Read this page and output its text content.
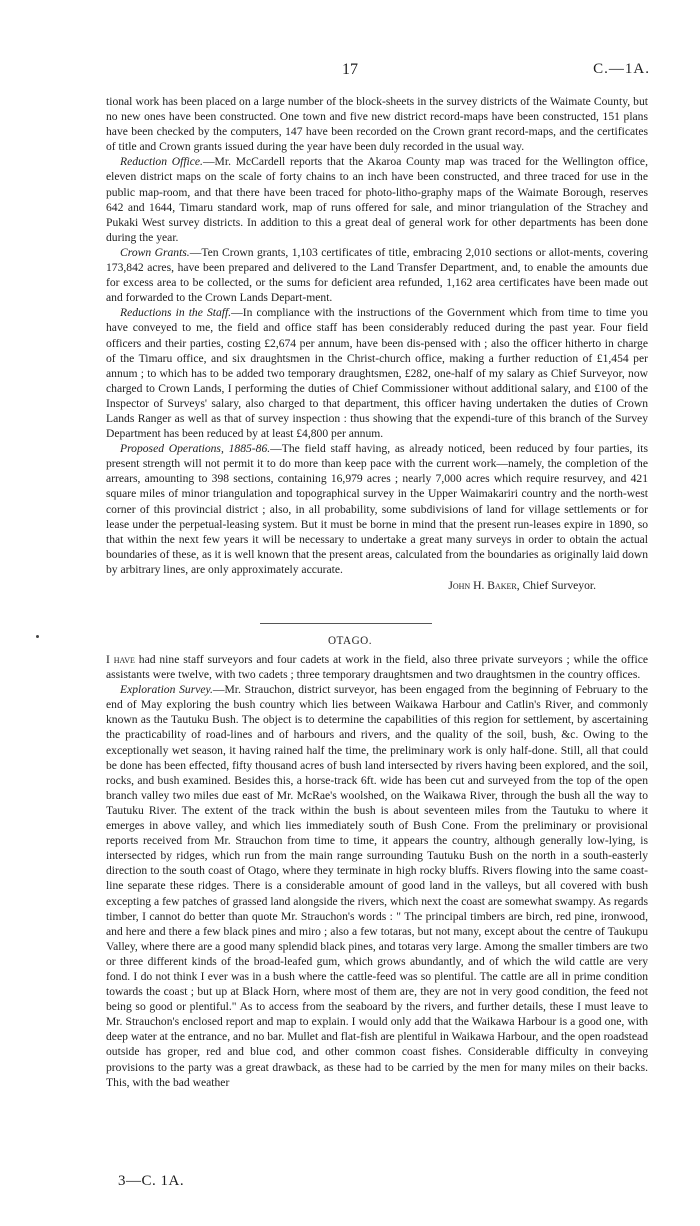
17	C.—1A.

tional work has been placed on a large number of the block-sheets in the survey districts of the Waimate County, but no new ones have been constructed. One town and five new district record-maps have been constructed, 151 plans have been checked by the computers, 147 have been recorded on the Crown grant record-maps, and the certificates of title and Crown grants issued during the year have been duly recorded in the usual way.

Reduction Office.—Mr. McCardell reports that the Akaroa County map was traced for the Wellington office, eleven district maps on the scale of forty chains to an inch have been constructed, and three traced for use in the public map-room, and that there have been traced for photo-litho-graphy maps of the Waimate Borough, reserves 642 and 1644, Timaru standard work, map of runs offered for sale, and minor triangulation of the Strachey and Pukaki West survey districts. In addition to this a great deal of general work for other departments has been done during the year.

Crown Grants.—Ten Crown grants, 1,103 certificates of title, embracing 2,010 sections or allot-ments, covering 173,842 acres, have been prepared and delivered to the Land Transfer Department, and, to enable the amounts due for excess area to be collected, or the sums for deficient area refunded, 1,162 area certificates have been made out and forwarded to the Crown Lands Depart-ment.

Reductions in the Staff.—In compliance with the instructions of the Government which from time to time you have conveyed to me, the field and office staff has been considerably reduced during the past year. Four field officers and their parties, costing £2,674 per annum, have been dis-pensed with ; also the officer hitherto in charge of the Timaru office, and six draughtsmen in the Christ-church office, making a further reduction of £1,454 per annum ; to which has to be added two temporary draughtsmen, £282, one-half of my salary as Chief Surveyor, now charged to Crown Lands, I performing the duties of Chief Commissioner without additional salary, and £100 of the Inspector of Surveys' salary, also charged to that department, this officer having undertaken the duties of Crown Lands Ranger as well as that of survey inspection : thus showing that the expendi-ture of this branch of the Survey Department has been reduced by at least £4,800 per annum.

Proposed Operations, 1885-86.—The field staff having, as already noticed, been reduced by four parties, its present strength will not permit it to do more than keep pace with the current work—namely, the completion of the arrears, amounting to 398 sections, containing 16,979 acres ; nearly 7,000 acres which require resurvey, and 421 square miles of minor triangulation and topographical survey in the Upper Waimakariri country and the north-west corner of this provincial district ; also, in all probability, some subdivisions of land for village settlements or for lease under the perpetual-leasing system. But it must be borne in mind that the present run-leases expire in 1890, so that within the next few years it will be necessary to undertake a great many surveys in order to obtain the actual boundaries of these, as it is well known that the present areas, calculated from the boundaries as originally laid down by arbitrary lines, are only approximately accurate.

John H. Baker, Chief Surveyor.
OTAGO.

I have had nine staff surveyors and four cadets at work in the field, also three private surveyors ; while the office assistants were twelve, with two cadets ; three temporary draughtsmen and two draughtsmen in the country offices.

Exploration Survey.—Mr. Strauchon, district surveyor, has been engaged from the beginning of February to the end of May exploring the bush country which lies between Waikawa Harbour and Catlin's River, and commonly known as the Tautuku Bush. The object is to determine the capabilities of this region for settlement, by ascertaining the practicability of road-lines and of harbours and rivers, and the quality of the soil, bush, &c. Owing to the exceptionally wet season, it having rained half the time, the preliminary work is only half-done. Still, all that could be done has been effected, fifty thousand acres of bush land intersected by rivers having been explored, and the soil, rocks, and bush examined. Besides this, a horse-track 6ft. wide has been cut and surveyed from the top of the open branch valley two miles due east of Mr. McRae's woolshed, on the Waikawa River, through the bush all the way to Tautuku River. The extent of the track within the bush is about seventeen miles from the Tautuku to where it emerges in above valley, and which lies immediately south of Bush Cone. From the preliminary or provisional reports received from Mr. Strauchon from time to time, it appears the country, although generally low-lying, is intersected by ridges, which run from the main range surrounding Tautuku Bush on the north in a south-easterly direction to the south coast of Otago, where they terminate in high rocky bluffs. Rivers flowing into the same coast-line separate these ridges. There is a considerable amount of good land in the valleys, but all covered with bush excepting a few patches of grassed land alongside the rivers, which next the coast are somewhat swampy. As regards timber, I cannot do better than quote Mr. Strauchon's words : " The principal timbers are birch, red pine, ironwood, and here and there a few black pines and miro ; also a few totaras, but not many, except about the centre of Taukupu Valley, where there are a good many splendid black pines, and totaras very large. Among the smaller timbers are two or three different kinds of the broad-leafed gum, which grows abundantly, and of which the wild cattle are very fond. I do not think I ever was in a bush where the cattle-feed was so plentiful. The cattle are all in prime condition towards the coast ; but up at Black Horn, where most of them are, they are not in very good condition, the feed not being so good or plentiful." As to access from the seaboard by the rivers, and further details, these I must leave to Mr. Strauchon's enclosed report and map to explain. I would only add that the Waikawa Harbour is a good one, with deep water at the entrance, and no bar. Mullet and flat-fish are plentiful in Waikawa Harbour, and the open roadstead outside has groper, red and blue cod, and other common coast fishes. Considerable difficulty in conveying provisions to the party was a great drawback, as these had to be carried by the men for many miles on their backs. This, with the bad weather

3—C. 1A.
